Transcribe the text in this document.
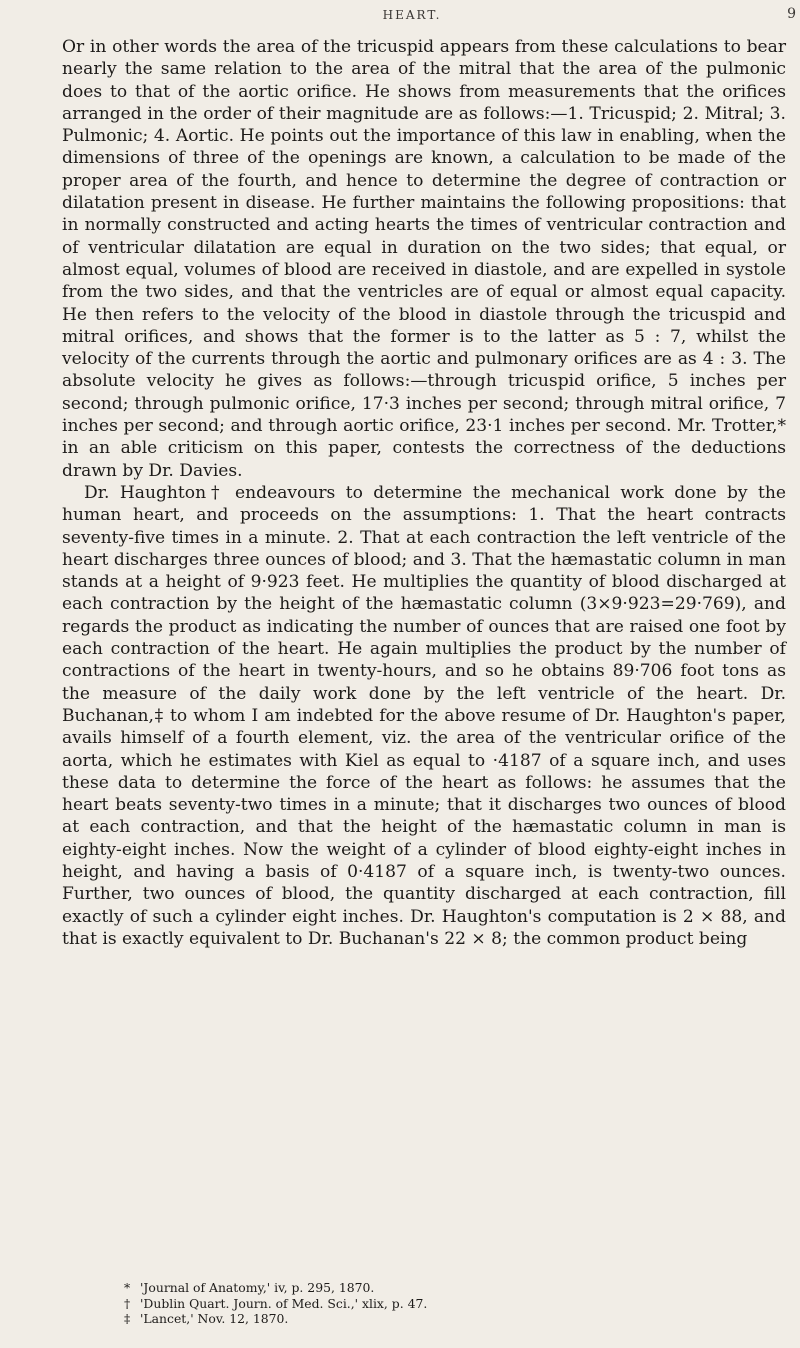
HEART.	9

Or in other words the area of the tricuspid appears from these calculations to bear nearly the same relation to the area of the mitral that the area of the pulmonic does to that of the aortic orifice. He shows from measurements that the orifices arranged in the order of their magnitude are as follows:—1. Tricuspid; 2. Mitral; 3. Pulmonic; 4. Aortic. He points out the importance of this law in enabling, when the dimensions of three of the openings are known, a calculation to be made of the proper area of the fourth, and hence to determine the degree of contraction or dilatation present in disease. He further maintains the following propositions: that in normally constructed and acting hearts the times of ventricular contraction and of ventricular dilatation are equal in duration on the two sides; that equal, or almost equal, volumes of blood are received in diastole, and are expelled in systole from the two sides, and that the ventricles are of equal or almost equal capacity. He then refers to the velocity of the blood in diastole through the tricuspid and mitral orifices, and shows that the former is to the latter as 5 : 7, whilst the velocity of the currents through the aortic and pulmonary orifices are as 4 : 3. The absolute velocity he gives as follows:—through tricuspid orifice, 5 inches per second; through pulmonic orifice, 17·3 inches per second; through mitral orifice, 7 inches per second; and through aortic orifice, 23·1 inches per second. Mr. Trotter,* in an able criticism on this paper, contests the correctness of the deductions drawn by Dr. Davies.

Dr. Haughton† endeavours to determine the mechanical work done by the human heart, and proceeds on the assumptions: 1. That the heart contracts seventy-five times in a minute. 2. That at each contraction the left ventricle of the heart discharges three ounces of blood; and 3. That the hæmastatic column in man stands at a height of 9·923 feet. He multiplies the quantity of blood discharged at each contraction by the height of the hæmastatic column (3×9·923=29·769), and regards the product as indicating the number of ounces that are raised one foot by each contraction of the heart. He again multiplies the product by the number of contractions of the heart in twenty-hours, and so he obtains 89·706 foot tons as the measure of the daily work done by the left ventricle of the heart. Dr. Buchanan,‡ to whom I am indebted for the above resume of Dr. Haughton's paper, avails himself of a fourth element, viz. the area of the ventricular orifice of the aorta, which he estimates with Kiel as equal to ·4187 of a square inch, and uses these data to determine the force of the heart as follows: he assumes that the heart beats seventy-two times in a minute; that it discharges two ounces of blood at each contraction, and that the height of the hæmastatic column in man is eighty-eight inches. Now the weight of a cylinder of blood eighty-eight inches in height, and having a basis of 0·4187 of a square inch, is twenty-two ounces. Further, two ounces of blood, the quantity discharged at each contraction, fill exactly of such a cylinder eight inches. Dr. Haughton's computation is 2 × 88, and that is exactly equivalent to Dr. Buchanan's 22 × 8; the common product being

* 'Journal of Anatomy,' iv, p. 295, 1870.

† 'Dublin Quart. Journ. of Med. Sci.,' xlix, p. 47.

‡ 'Lancet,' Nov. 12, 1870.
